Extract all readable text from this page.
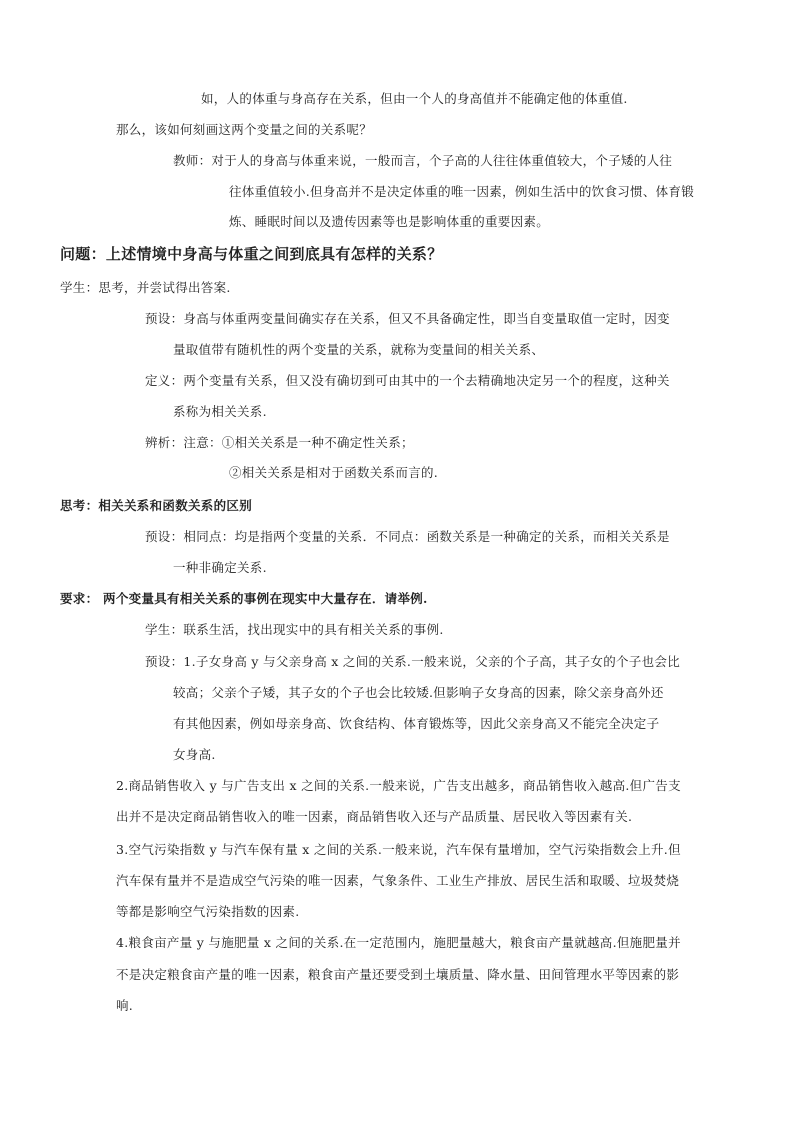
如，人的体重与身高存在关系，但由一个人的身高值并不能确定他的体重值.
那么，该如何刻画这两个变量之间的关系呢？
教师：对于人的身高与体重来说，一般而言，个子高的人往往体重值较大，个子矮的人往
往体重值较小.但身高并不是决定体重的唯一因素，例如生活中的饮食习惯、体育锻
炼、睡眠时间以及遗传因素等也是影响体重的重要因素。
问题：上述情境中身高与体重之间到底具有怎样的关系？
学生：思考，并尝试得出答案.
预设：身高与体重两变量间确实存在关系，但又不具备确定性，即当自变量取值一定时，因变
量取值带有随机性的两个变量的关系，就称为变量间的相关关系、
定义：两个变量有关系，但又没有确切到可由其中的一个去精确地决定另一个的程度，这种关
系称为相关关系.
辨析：注意：①相关关系是一种不确定性关系；
②相关关系是相对于函数关系而言的.
思考：相关关系和函数关系的区别
预设：相同点：均是指两个变量的关系．不同点：函数关系是一种确定的关系，而相关关系是
一种非确定关系.
要求： 两个变量具有相关关系的事例在现实中大量存在．请举例.
学生：联系生活，找出现实中的具有相关关系的事例.
预设：1.子女身高 y 与父亲身高 x 之间的关系.一般来说，父亲的个子高，其子女的个子也会比
较高；父亲个子矮，其子女的个子也会比较矮.但影响子女身高的因素，除父亲身高外还
有其他因素，例如母亲身高、饮食结构、体育锻炼等，因此父亲身高又不能完全决定子
女身高.
2.商品销售收入 y 与广告支出 x 之间的关系.一般来说，广告支出越多，商品销售收入越高.但广告支
出并不是决定商品销售收入的唯一因素，商品销售收入还与产品质量、居民收入等因素有关.
3.空气污染指数 y 与汽车保有量 x 之间的关系.一般来说，汽车保有量增加，空气污染指数会上升.但
汽车保有量并不是造成空气污染的唯一因素，气象条件、工业生产排放、居民生活和取暖、垃圾焚烧
等都是影响空气污染指数的因素.
4.粮食亩产量 y 与施肥量 x 之间的关系.在一定范围内，施肥量越大，粮食亩产量就越高.但施肥量并
不是决定粮食亩产量的唯一因素，粮食亩产量还要受到土壤质量、降水量、田间管理水平等因素的影
响.
